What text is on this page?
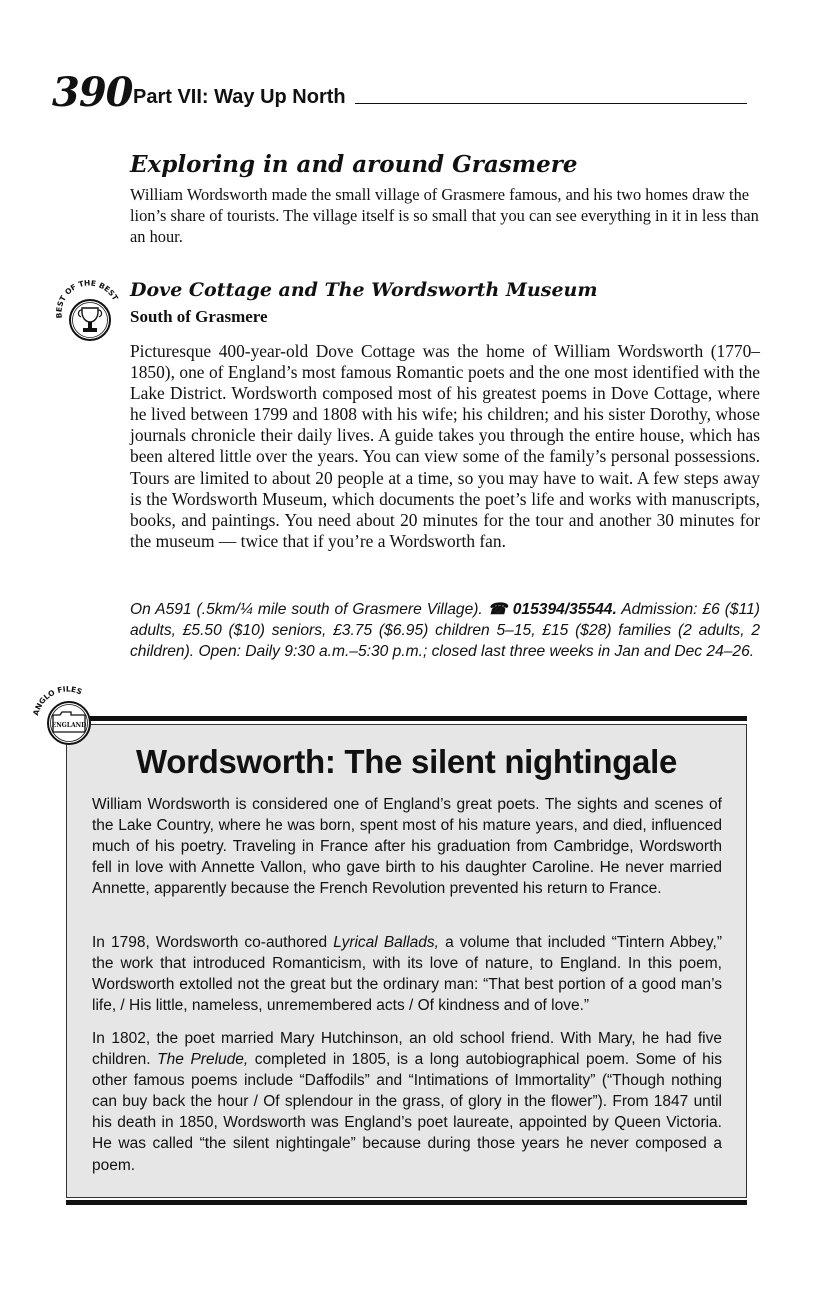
390 Part VII: Way Up North
Exploring in and around Grasmere
William Wordsworth made the small village of Grasmere famous, and his two homes draw the lion’s share of tourists. The village itself is so small that you can see everything in it in less than an hour.
BEST OF THE BEST Dove Cottage and The Wordsworth Museum
South of Grasmere
Picturesque 400-year-old Dove Cottage was the home of William Wordsworth (1770–1850), one of England’s most famous Romantic poets and the one most identified with the Lake District. Wordsworth composed most of his greatest poems in Dove Cottage, where he lived between 1799 and 1808 with his wife; his children; and his sister Dorothy, whose journals chronicle their daily lives. A guide takes you through the entire house, which has been altered little over the years. You can view some of the family’s personal possessions. Tours are limited to about 20 people at a time, so you may have to wait. A few steps away is the Wordsworth Museum, which documents the poet’s life and works with manuscripts, books, and paintings. You need about 20 minutes for the tour and another 30 minutes for the museum — twice that if you’re a Wordsworth fan.
On A591 (.5km/¼ mile south of Grasmere Village). ☎ 015394/35544. Admission: £6 ($11) adults, £5.50 ($10) seniors, £3.75 ($6.95) children 5–15, £15 ($28) families (2 adults, 2 children). Open: Daily 9:30 a.m.–5:30 p.m.; closed last three weeks in Jan and Dec 24–26.
ANGLO FILES
ENGLAND
Wordsworth: The silent nightingale

William Wordsworth is considered one of England’s great poets. The sights and scenes of the Lake Country, where he was born, spent most of his mature years, and died, influenced much of his poetry. Traveling in France after his graduation from Cambridge, Wordsworth fell in love with Annette Vallon, who gave birth to his daughter Caroline. He never married Annette, apparently because the French Revolution prevented his return to France.

In 1798, Wordsworth co-authored Lyrical Ballads, a volume that included “Tintern Abbey,” the work that introduced Romanticism, with its love of nature, to England. In this poem, Wordsworth extolled not the great but the ordinary man: “That best portion of a good man’s life, / His little, nameless, unremembered acts / Of kindness and of love.”

In 1802, the poet married Mary Hutchinson, an old school friend. With Mary, he had five children. The Prelude, completed in 1805, is a long autobiographical poem. Some of his other famous poems include “Daffodils” and “Intimations of Immortality” (“Though nothing can buy back the hour / Of splendour in the grass, of glory in the flower”). From 1847 until his death in 1850, Wordsworth was England’s poet laureate, appointed by Queen Victoria. He was called “the silent nightingale” because during those years he never composed a poem.
